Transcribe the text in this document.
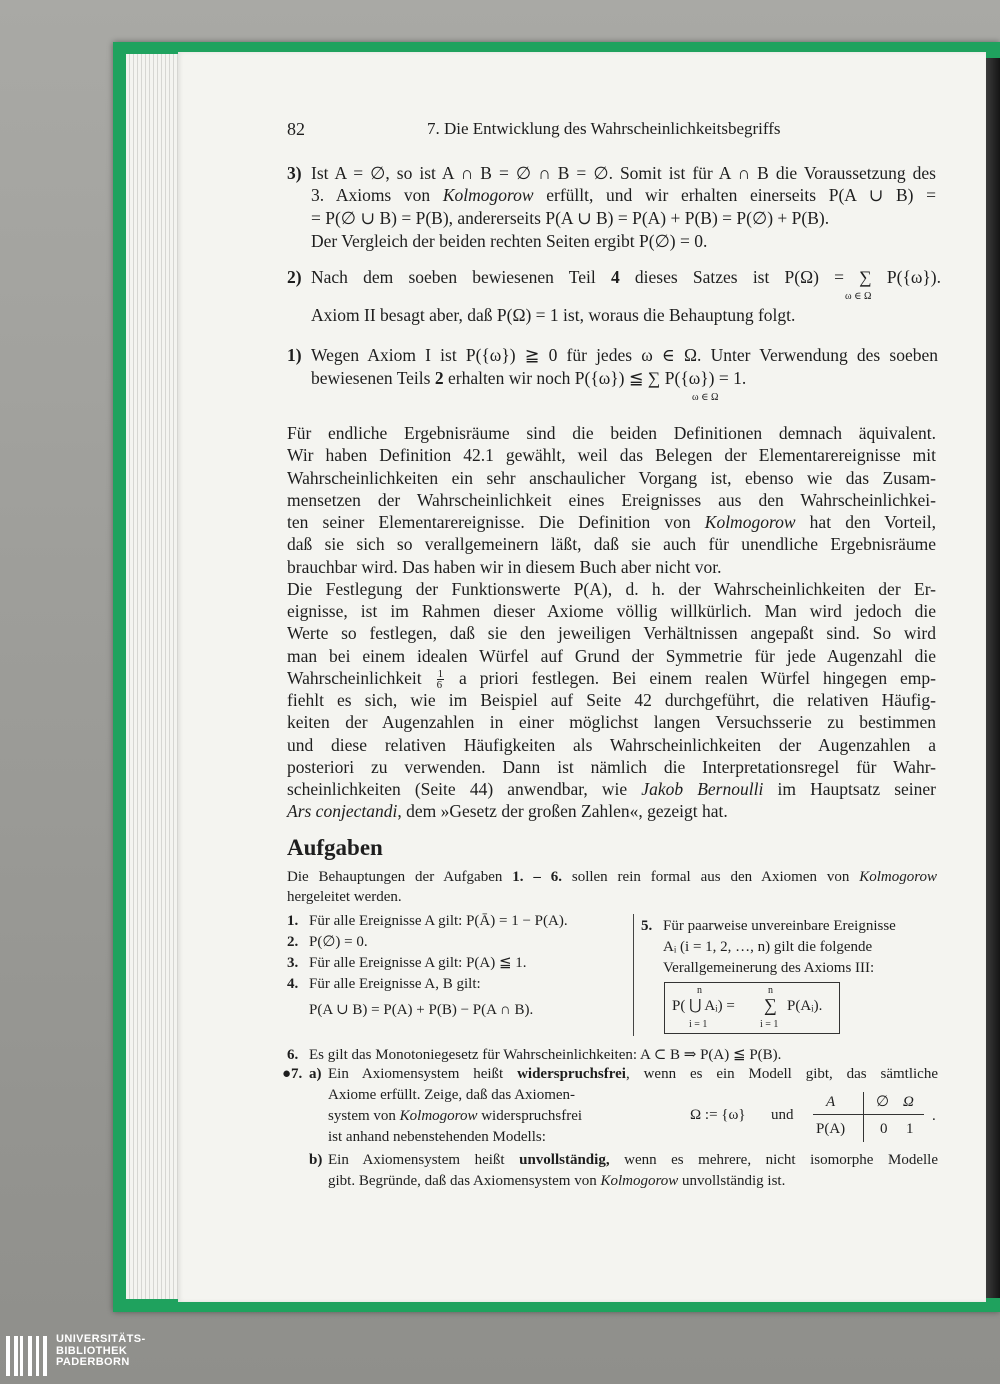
82	7. Die Entwicklung des Wahrscheinlichkeitsbegriffs
3) Ist A = ∅, so ist A ∩ B = ∅ ∩ B = ∅. Somit ist für A ∩ B die Voraussetzung des
3. Axioms von Kolmogorow erfüllt, und wir erhalten einerseits P(A ∪ B) =
= P(∅ ∪ B) = P(B), andererseits P(A ∪ B) = P(A) + P(B) = P(∅) + P(B).
Der Vergleich der beiden rechten Seiten ergibt P(∅) = 0.
2) Nach dem soeben bewiesenen Teil 4 dieses Satzes ist P(Ω) = ∑ P({ω}).
ω ∈ Ω
Axiom II besagt aber, daß P(Ω) = 1 ist, woraus die Behauptung folgt.
1) Wegen Axiom I ist P({ω}) ≧ 0 für jedes ω ∈ Ω. Unter Verwendung des soeben
bewiesenen Teils 2 erhalten wir noch P({ω}) ≦ ∑ P({ω}) = 1.
ω ∈ Ω
Für endliche Ergebnisräume sind die beiden Definitionen demnach äquivalent.
Wir haben Definition 42.1 gewählt, weil das Belegen der Elementarereignisse mit
Wahrscheinlichkeiten ein sehr anschaulicher Vorgang ist, ebenso wie das Zusam-
mensetzen der Wahrscheinlichkeit eines Ereignisses aus den Wahrscheinlichkei-
ten seiner Elementarereignisse. Die Definition von Kolmogorow hat den Vorteil,
daß sie sich so verallgemeinern läßt, daß sie auch für unendliche Ergebnisräume
brauchbar wird. Das haben wir in diesem Buch aber nicht vor.
Die Festlegung der Funktionswerte P(A), d. h. der Wahrscheinlichkeiten der Er-
eignisse, ist im Rahmen dieser Axiome völlig willkürlich. Man wird jedoch die
Werte so festlegen, daß sie den jeweiligen Verhältnissen angepaßt sind. So wird
man bei einem idealen Würfel auf Grund der Symmetrie für jede Augenzahl die
Wahrscheinlichkeit $\frac{1}{6}$ a priori festlegen. Bei einem realen Würfel hingegen emp-
fiehlt es sich, wie im Beispiel auf Seite 42 durchgeführt, die relativen Häufig-
keiten der Augenzahlen in einer möglichst langen Versuchsserie zu bestimmen
und diese relativen Häufigkeiten als Wahrscheinlichkeiten der Augenzahlen a
posteriori zu verwenden. Dann ist nämlich die Interpretationsregel für Wahr-
scheinlichkeiten (Seite 44) anwendbar, wie Jakob Bernoulli im Hauptsatz seiner
Ars conjectandi, dem »Gesetz der großen Zahlen«, gezeigt hat.
Aufgaben
Die Behauptungen der Aufgaben 1. – 6. sollen rein formal aus den Axiomen von Kolmogorow
hergeleitet werden.
1. Für alle Ereignisse A gilt: P(Ā) = 1 − P(A).
2. P(∅) = 0.
3. Für alle Ereignisse A gilt: P(A) ≦ 1.
4. Für alle Ereignisse A, B gilt:
P(A ∪ B) = P(A) + P(B) − P(A ∩ B).
5. Für paarweise unvereinbare Ereignisse
Aᵢ (i = 1, 2, …, n) gilt die folgende
Verallgemeinerung des Axioms III:
n
P( ⋃ Aᵢ) =
i = 1
n
∑ P(Aᵢ).
i = 1
6. Es gilt das Monotoniegesetz für Wahrscheinlichkeiten: A ⊂ B ⇒ P(A) ≦ P(B).
●7. a) Ein Axiomensystem heißt widerspruchsfrei, wenn es ein Modell gibt, das sämtliche
Axiome erfüllt. Zeige, daß das Axiomen-
system von Kolmogorow widerspruchsfrei
ist anhand nebenstehenden Modells:
Ω := {ω} und
A	∅ Ω
P(A) 0 1
.
b) Ein Axiomensystem heißt unvollständig, wenn es mehrere, nicht isomorphe Modelle
gibt. Begründe, daß das Axiomensystem von Kolmogorow unvollständig ist.
UNIVERSITÄTS-
BIBLIOTHEK
PADERBORN
